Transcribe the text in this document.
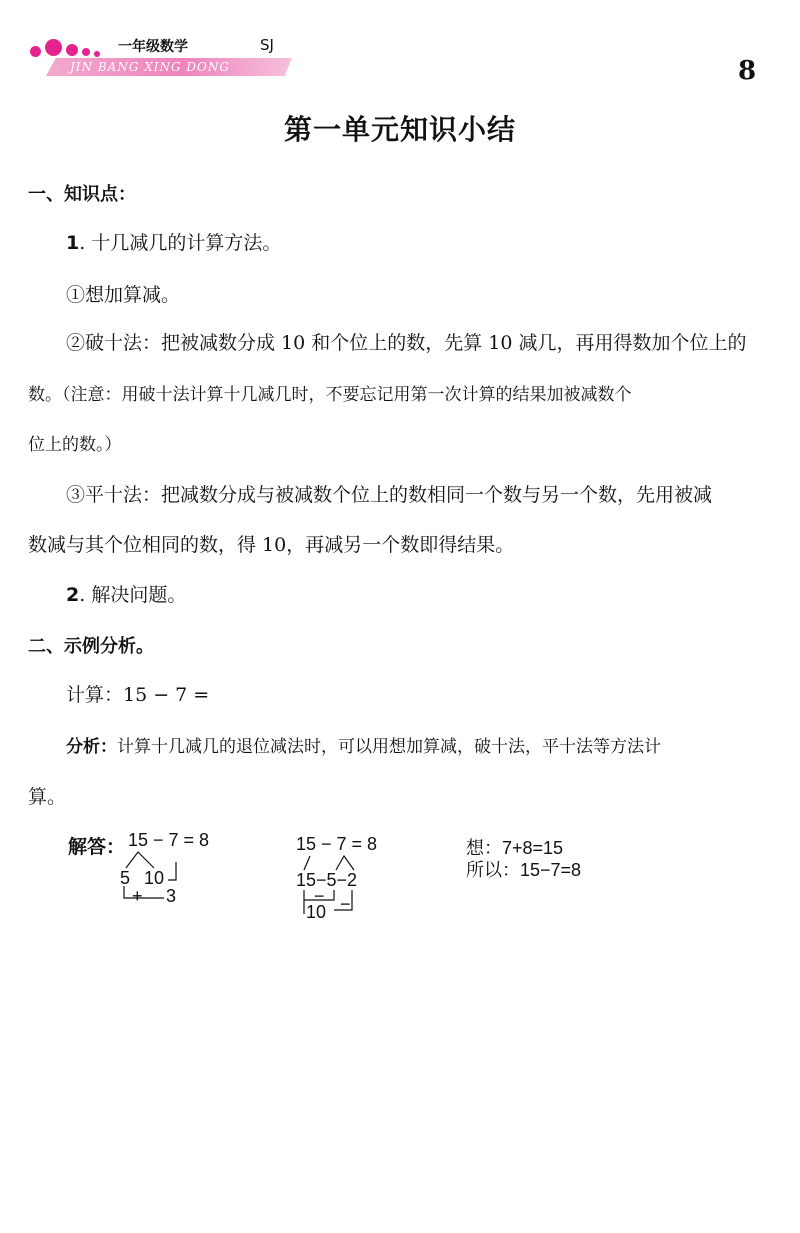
一年级数学	SJ
JIN BANG XING DONG	8
第一单元知识小结
一、知识点：
1. 十几减几的计算方法。
①想加算减。
②破十法：把被减数分成 10 和个位上的数，先算 10 减几，再用得数加个位上的
数。（注意：用破十法计算十几减几时，不要忘记用第一次计算的结果加被减数个
位上的数。）
③平十法：把减数分成与被减数个位上的数相同一个数与另一个数，先用被减
数减与其个位相同的数，得 10，再减另一个数即得结果。
2. 解决问题。
二、示例分析。
计算：15 − 7 =
分析：计算十几减几的退位减法时，可以用想加算减，破十法，平十法等方法计
算。
解答： 15 − 7 = 8
5 10
+ 3
15 − 7 = 8
15−5−2
− −
10
想：7+8=15
所以：15−7=8
